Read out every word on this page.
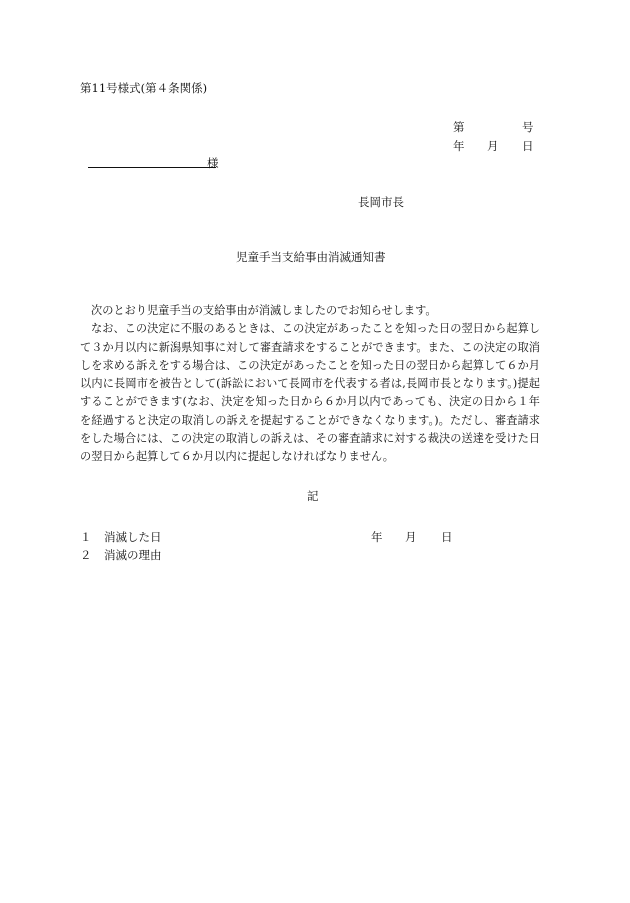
第11号様式(第４条関係)
第	号
年 月 日
様
長岡市長
児童手当支給事由消滅通知書

次のとおり児童手当の支給事由が消滅しましたのでお知らせします。

なお、この決定に不服のあるときは、この決定があったことを知った日の翌日から起算して３か月以内に新潟県知事に対して審査請求をすることができます。また、この決定の取消しを求める訴えをする場合は、この決定があったことを知った日の翌日から起算して６か月以内に長岡市を被告として(訴訟において長岡市を代表する者は,長岡市長となります。)提起することができます(なお、決定を知った日から６か月以内であっても、決定の日から１年を経過すると決定の取消しの訴えを提起することができなくなります。)。ただし、審査請求をした場合には、この決定の取消しの訴えは、その審査請求に対する裁決の送達を受けた日の翌日から起算して６か月以内に提起しなければなりません。

記
１ 消滅した日	年 月 日
２ 消滅の理由
